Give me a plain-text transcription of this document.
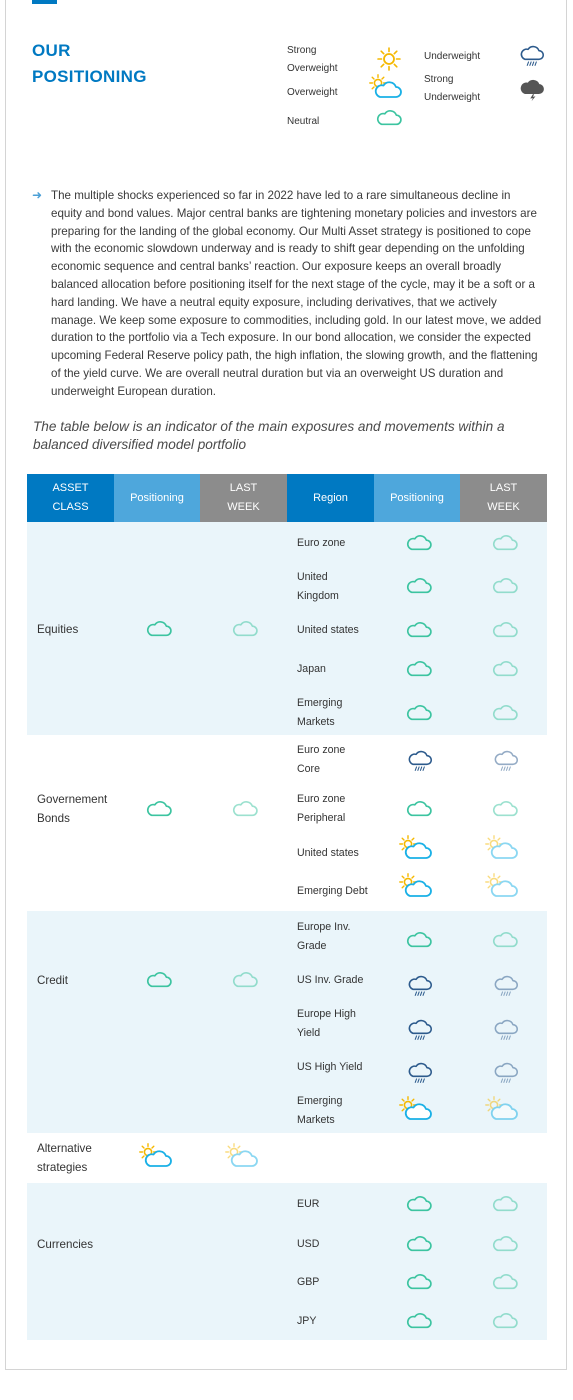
OUR
POSITIONING
Strong
Overweight
Overweight
Neutral
Underweight
Strong
Underweight
➜ The multiple shocks experienced so far in 2022 have led to a rare simultaneous decline in equity and bond values. Major central banks are tightening monetary policies and investors are preparing for the landing of the global economy. Our Multi Asset strategy is positioned to cope with the economic slowdown underway and is ready to shift gear depending on the unfolding economic sequence and central banks’ reaction. Our exposure keeps an overall broadly balanced allocation before positioning itself for the next stage of the cycle, may it be a soft or a hard landing. We have a neutral equity exposure, including derivatives, that we actively manage. We keep some exposure to commodities, including gold. In our latest move, we added duration to the portfolio via a Tech exposure. In our bond allocation, we consider the expected upcoming Federal Reserve policy path, the high inflation, the slowing growth, and the flattening of the yield curve. We are overall neutral duration but via an overweight US duration and underweight European duration.

The table below is an indicator of the main exposures and movements within a balanced diversified model portfolio

ASSET
CLASS
Positioning
LAST
WEEK
Region	Positioning
LAST
WEEK
Equities
Euro zone
United
Kingdom
United states
Japan
Emerging
Markets
Governement
Bonds
Euro zone
Core
Euro zone
Peripheral
United states
Emerging Debt
Credit
Europe Inv.
Grade
US Inv. Grade
Europe High
Yield
US High Yield
Emerging
Markets
Alternative
strategies
Currencies
EUR
USD
GBP
JPY
